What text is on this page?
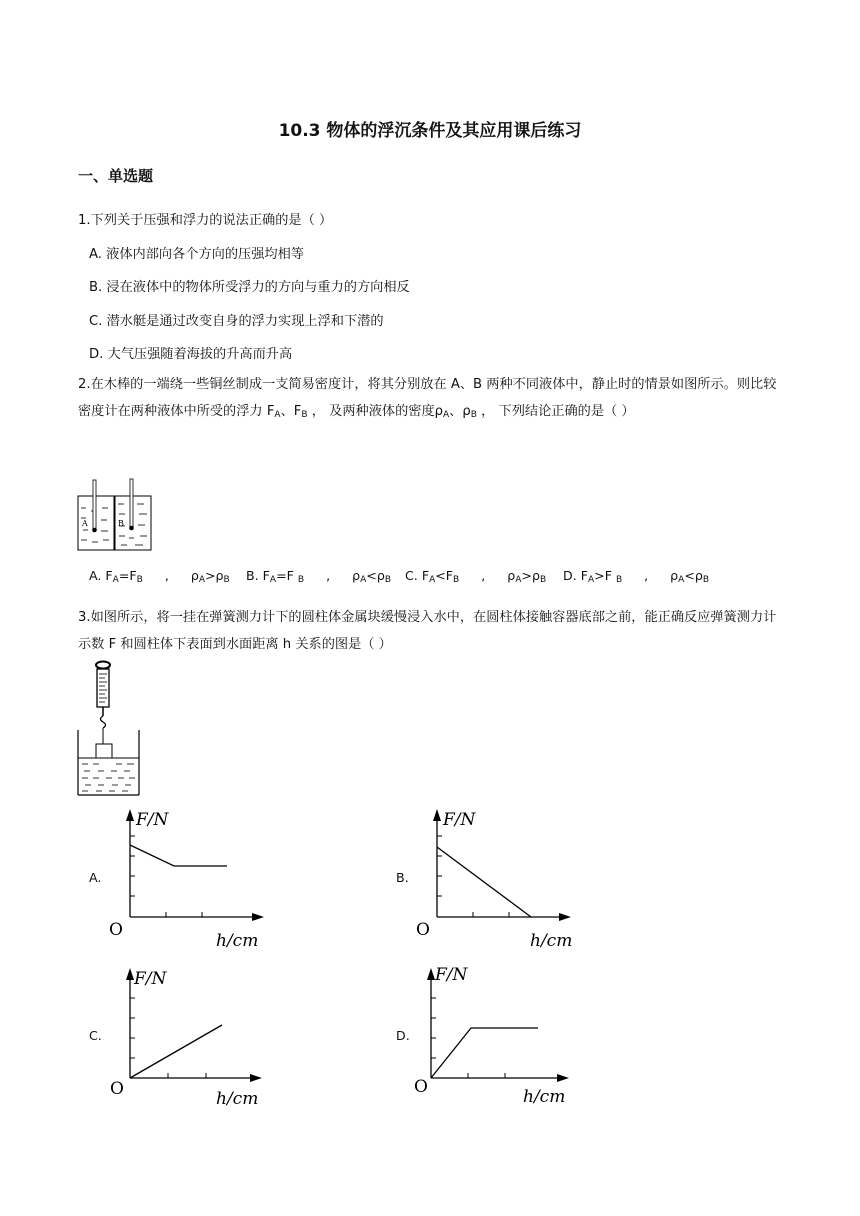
10.3 物体的浮沉条件及其应用课后练习
一、单选题
1.下列关于压强和浮力的说法正确的是（ ）
A. 液体内部向各个方向的压强均相等
B. 浸在液体中的物体所受浮力的方向与重力的方向相反
C. 潜水艇是通过改变自身的浮力实现上浮和下潜的
D. 大气压强随着海拔的升高而升高
2.在木棒的一端绕一些铜丝制成一支简易密度计，将其分别放在 A、B 两种不同液体中，静止时的情景如图所示。则比较密度计在两种液体中所受的浮力 $F_A$、$F_B$ ， 及两种液体的密度$\rho_A$、$\rho_B$ ， 下列结论正确的是（ ）
A	B
A. $F_A=F_B$ , $\rho_A>\rho_B$ B. $F_A=F$ $_B$ , $\rho_A<\rho_B$ C. $F_A<F_B$ , $\rho_A>\rho_B$ D. $F_A>F$ $_B$ , $\rho_A<\rho_B$
3.如图所示，将一挂在弹簧测力计下的圆柱体金属块缓慢浸入水中，在圆柱体接触容器底部之前，能正确反应弹簧测力计示数 F 和圆柱体下表面到水面距离 h 关系的图是（ ）
A.	B.
C.	D.
F/N
O
h/cm
F/N
O
h/cm
F/N
O	h/cm
F/N
O	h/cm
